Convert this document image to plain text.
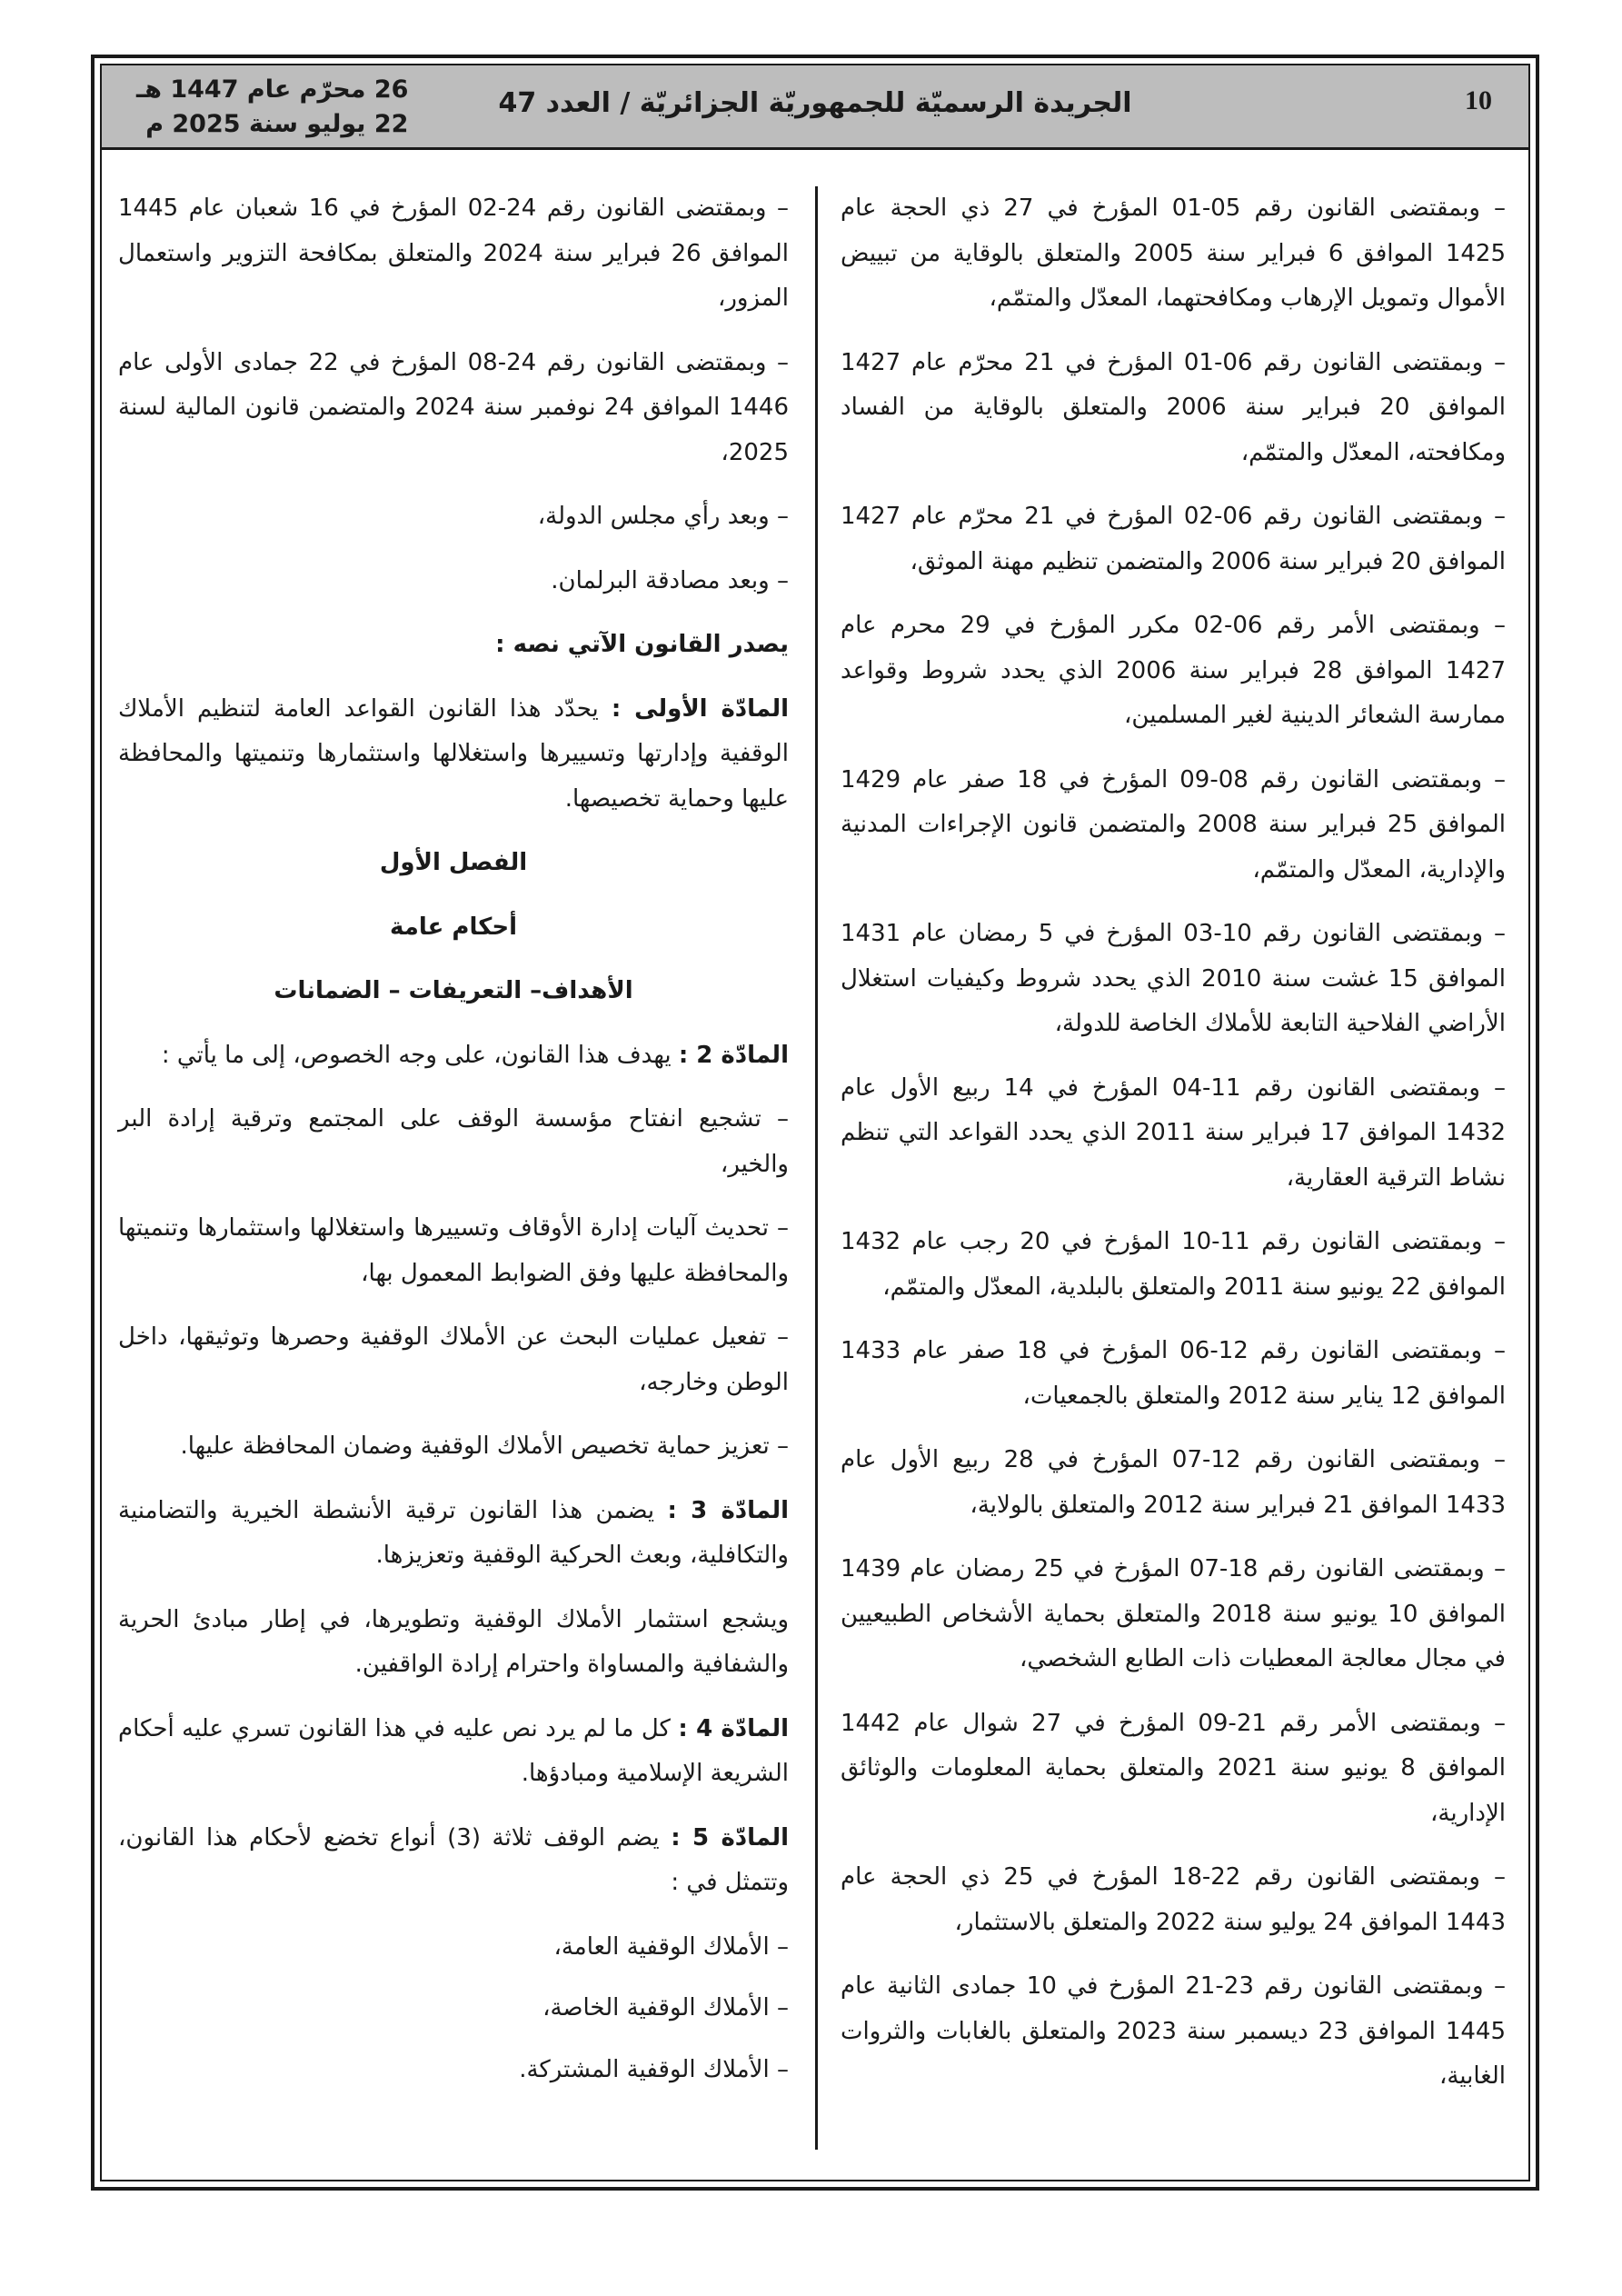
10
الجريدة الرسميّة للجمهوريّة الجزائريّة / العدد 47
26 محرّم عام 1447 هـ
22 يوليو سنة 2025 م

– وبمقتضى القانون رقم 05-01 المؤرخ في 27 ذي الحجة عام 1425 الموافق 6 فبراير سنة 2005 والمتعلق بالوقاية من تبييض الأموال وتمويل الإرهاب ومكافحتهما، المعدّل والمتمّم،

– وبمقتضى القانون رقم 06-01 المؤرخ في 21 محرّم عام 1427 الموافق 20 فبراير سنة 2006 والمتعلق بالوقاية من الفساد ومكافحته، المعدّل والمتمّم،

– وبمقتضى القانون رقم 06-02 المؤرخ في 21 محرّم عام 1427 الموافق 20 فبراير سنة 2006 والمتضمن تنظيم مهنة الموثق،

– وبمقتضى الأمر رقم 06-02 مكرر المؤرخ في 29 محرم عام 1427 الموافق 28 فبراير سنة 2006 الذي يحدد شروط وقواعد ممارسة الشعائر الدينية لغير المسلمين،

– وبمقتضى القانون رقم 08-09 المؤرخ في 18 صفر عام 1429 الموافق 25 فبراير سنة 2008 والمتضمن قانون الإجراءات المدنية والإدارية، المعدّل والمتمّم،

– وبمقتضى القانون رقم 10-03 المؤرخ في 5 رمضان عام 1431 الموافق 15 غشت سنة 2010 الذي يحدد شروط وكيفيات استغلال الأراضي الفلاحية التابعة للأملاك الخاصة للدولة،

– وبمقتضى القانون رقم 11-04 المؤرخ في 14 ربيع الأول عام 1432 الموافق 17 فبراير سنة 2011 الذي يحدد القواعد التي تنظم نشاط الترقية العقارية،

– وبمقتضى القانون رقم 11-10 المؤرخ في 20 رجب عام 1432 الموافق 22 يونيو سنة 2011 والمتعلق بالبلدية، المعدّل والمتمّم،

– وبمقتضى القانون رقم 12-06 المؤرخ في 18 صفر عام 1433 الموافق 12 يناير سنة 2012 والمتعلق بالجمعيات،

– وبمقتضى القانون رقم 12-07 المؤرخ في 28 ربيع الأول عام 1433 الموافق 21 فبراير سنة 2012 والمتعلق بالولاية،

– وبمقتضى القانون رقم 18-07 المؤرخ في 25 رمضان عام 1439 الموافق 10 يونيو سنة 2018 والمتعلق بحماية الأشخاص الطبيعيين في مجال معالجة المعطيات ذات الطابع الشخصي،

– وبمقتضى الأمر رقم 21-09 المؤرخ في 27 شوال عام 1442 الموافق 8 يونيو سنة 2021 والمتعلق بحماية المعلومات والوثائق الإدارية،

– وبمقتضى القانون رقم 22-18 المؤرخ في 25 ذي الحجة عام 1443 الموافق 24 يوليو سنة 2022 والمتعلق بالاستثمار،

– وبمقتضى القانون رقم 23-21 المؤرخ في 10 جمادى الثانية عام 1445 الموافق 23 ديسمبر سنة 2023 والمتعلق بالغابات والثروات الغابية،

– وبمقتضى القانون رقم 24-02 المؤرخ في 16 شعبان عام 1445 الموافق 26 فبراير سنة 2024 والمتعلق بمكافحة التزوير واستعمال المزور،

– وبمقتضى القانون رقم 24-08 المؤرخ في 22 جمادى الأولى عام 1446 الموافق 24 نوفمبر سنة 2024 والمتضمن قانون المالية لسنة 2025،

– وبعد رأي مجلس الدولة،

– وبعد مصادقة البرلمان.

يصدر القانون الآتي نصه :

المادّة الأولى : يحدّد هذا القانون القواعد العامة لتنظيم الأملاك الوقفية وإدارتها وتسييرها واستغلالها واستثمارها وتنميتها والمحافظة عليها وحماية تخصيصها.

الفصل الأول

أحكام عامة

الأهداف– التعريفات – الضمانات

المادّة 2 : يهدف هذا القانون، على وجه الخصوص، إلى ما يأتي :

– تشجيع انفتاح مؤسسة الوقف على المجتمع وترقية إرادة البر والخير،

– تحديث آليات إدارة الأوقاف وتسييرها واستغلالها واستثمارها وتنميتها والمحافظة عليها وفق الضوابط المعمول بها،

– تفعيل عمليات البحث عن الأملاك الوقفية وحصرها وتوثيقها، داخل الوطن وخارجه،

– تعزيز حماية تخصيص الأملاك الوقفية وضمان المحافظة عليها.

المادّة 3 : يضمن هذا القانون ترقية الأنشطة الخيرية والتضامنية والتكافلية، وبعث الحركية الوقفية وتعزيزها.

ويشجع استثمار الأملاك الوقفية وتطويرها، في إطار مبادئ الحرية والشفافية والمساواة واحترام إرادة الواقفين.

المادّة 4 : كل ما لم يرد نص عليه في هذا القانون تسري عليه أحكام الشريعة الإسلامية ومبادؤها.

المادّة 5 : يضم الوقف ثلاثة (3) أنواع تخضع لأحكام هذا القانون، وتتمثل في :

– الأملاك الوقفية العامة،

– الأملاك الوقفية الخاصة،

– الأملاك الوقفية المشتركة.
